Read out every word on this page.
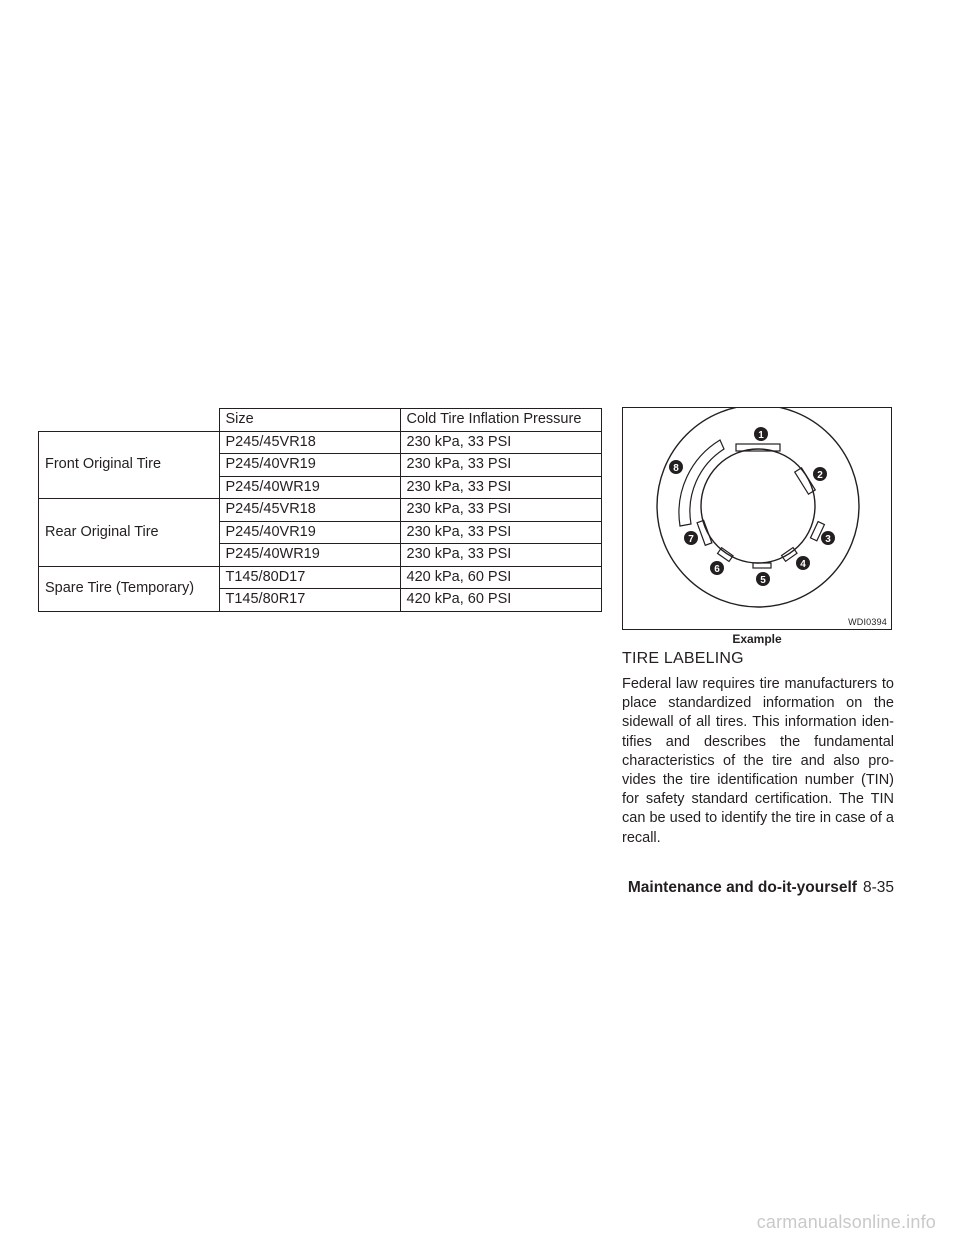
	Size	Cold Tire Inflation Pressure
Front Original Tire	P245/45VR18	230 kPa, 33 PSI
	P245/40VR19	230 kPa, 33 PSI
	P245/40WR19	230 kPa, 33 PSI
Rear Original Tire	P245/45VR18	230 kPa, 33 PSI
	P245/40VR19	230 kPa, 33 PSI
	P245/40WR19	230 kPa, 33 PSI
Spare Tire (Temporary)	T145/80D17	420 kPa, 60 PSI
	T145/80R17	420 kPa, 60 PSI
1
2
3
4
5
6
7
8
WDI0394
Example
TIRE LABELING

Federal law requires tire manufacturers to place standardized information on the sidewall of all tires. This information iden-tifies and describes the fundamental characteristics of the tire and also pro-vides the tire identification number (TIN) for safety standard certification. The TIN can be used to identify the tire in case of a recall.

Maintenance and do-it-yourself 8-35
carmanualsonline.info
